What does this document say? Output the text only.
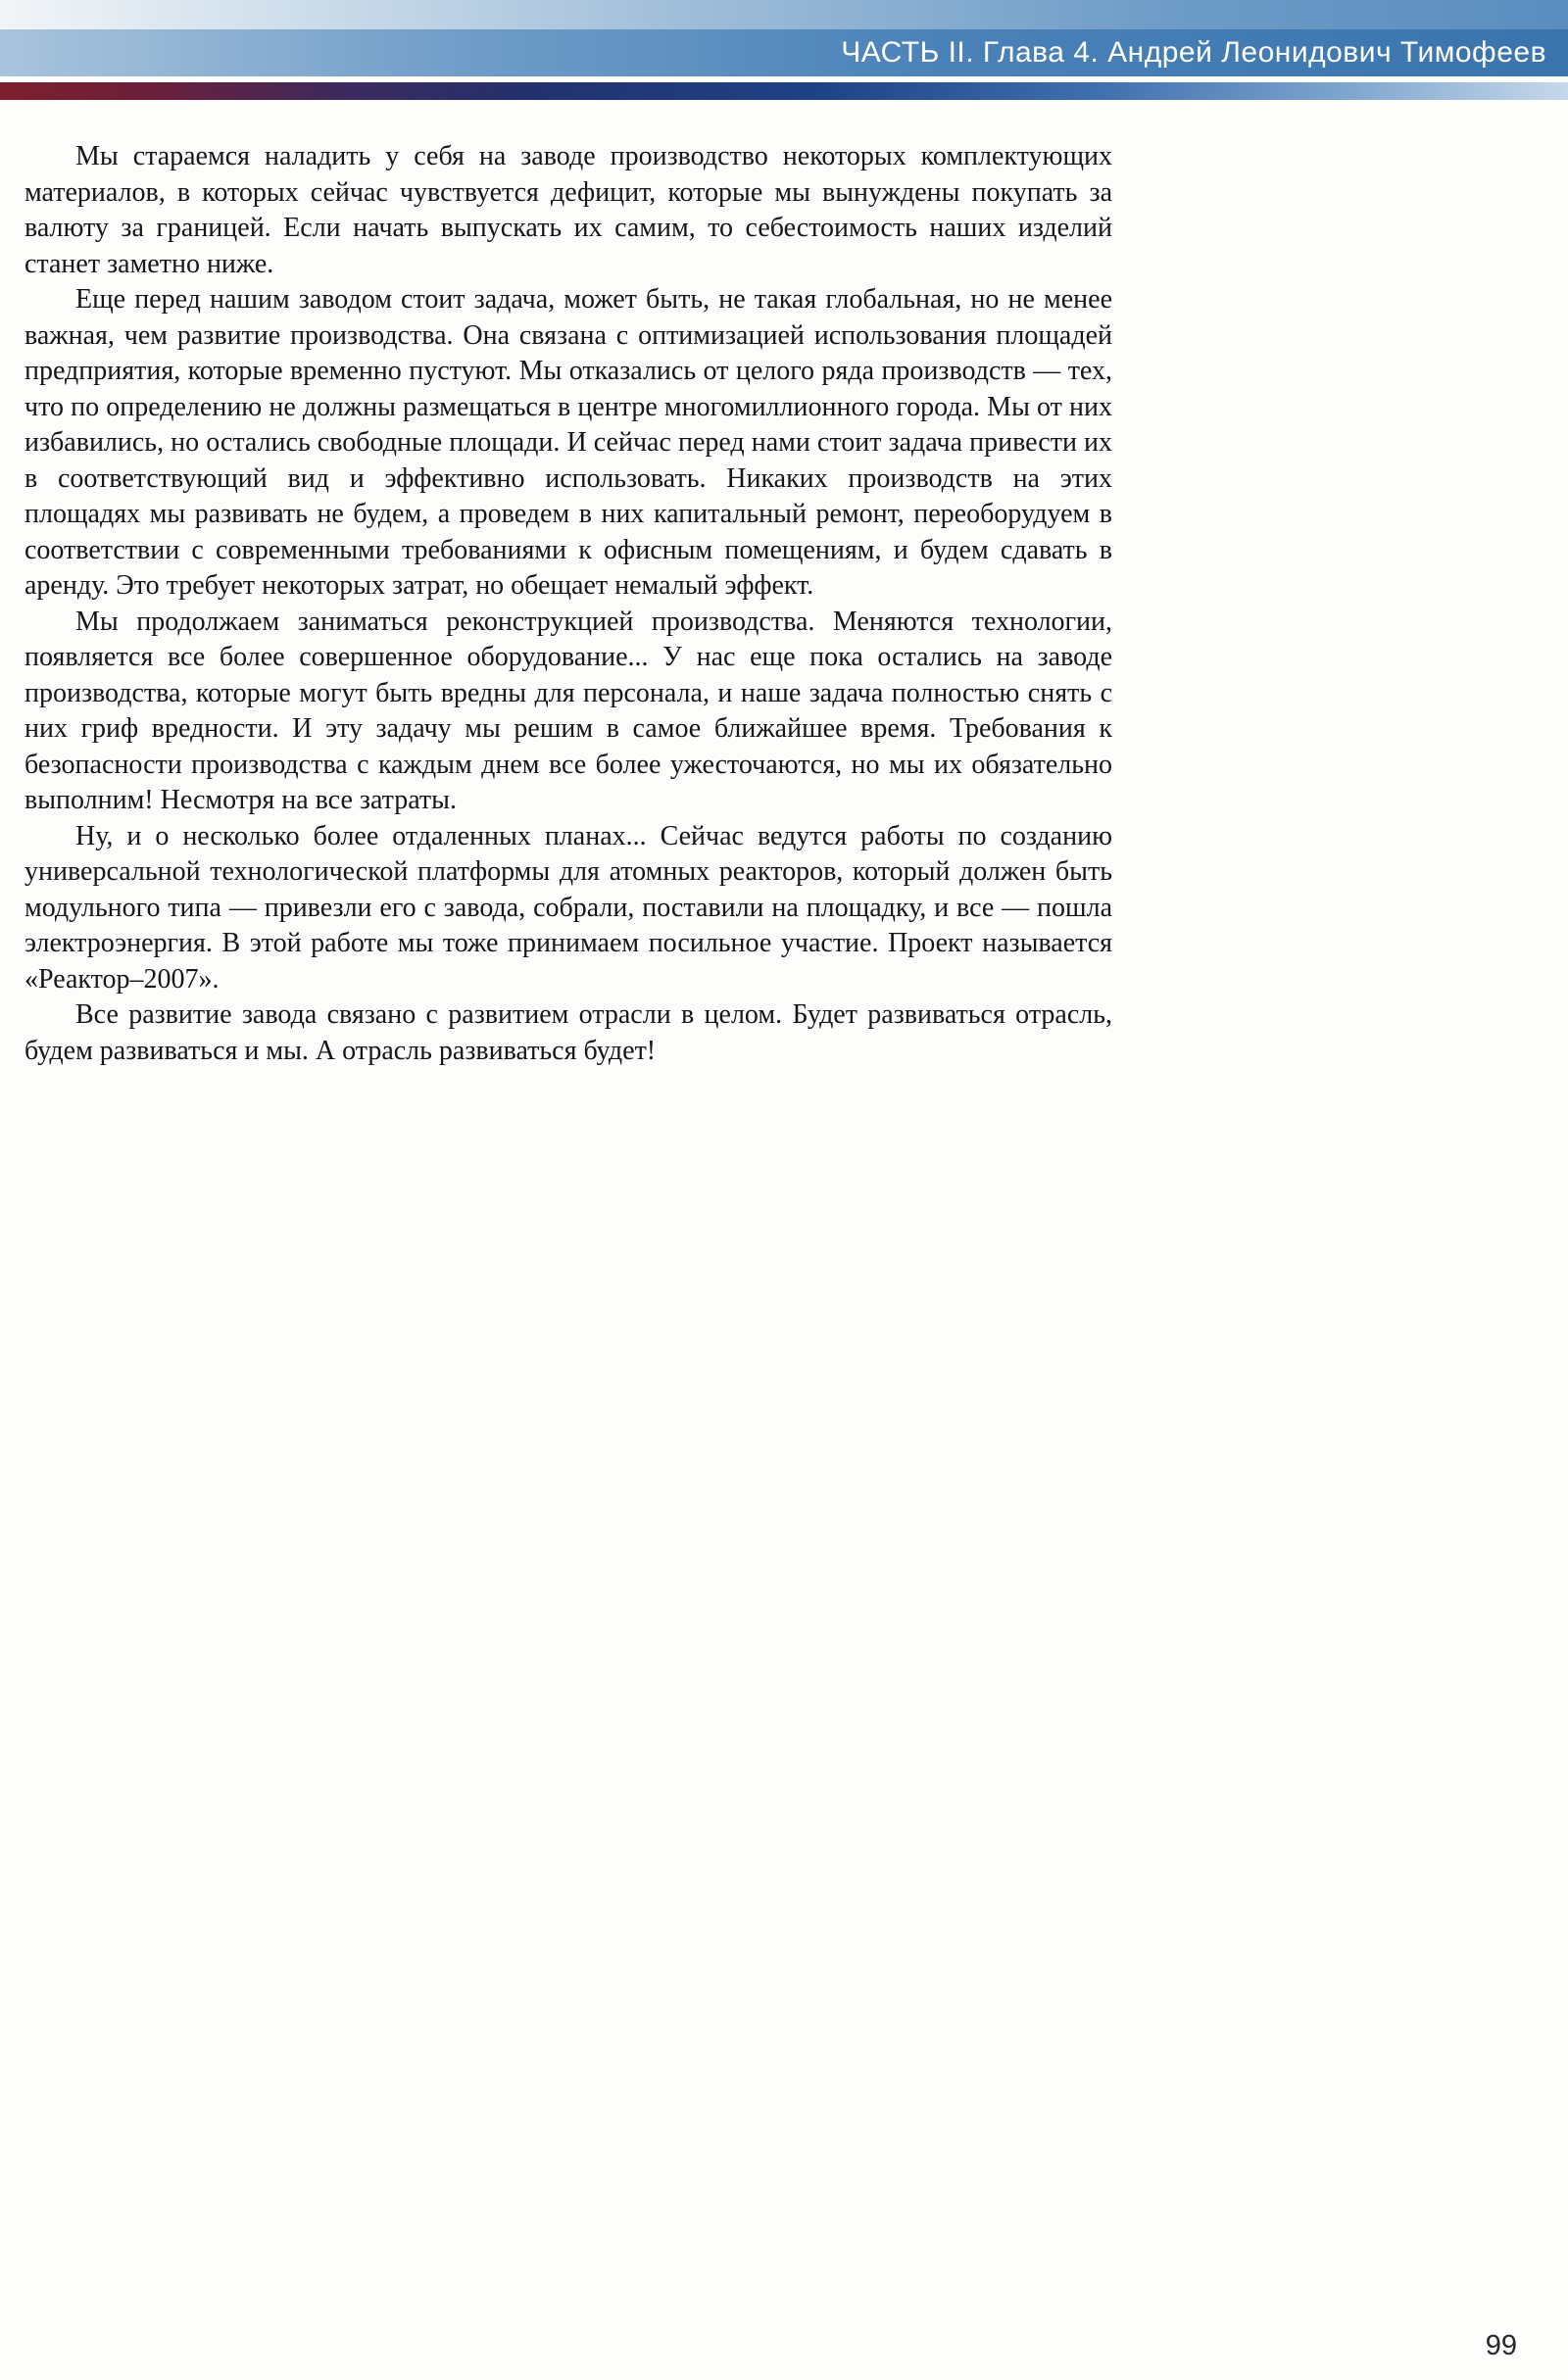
ЧАСТЬ II. Глава 4. Андрей Леонидович Тимофеев

Мы стараемся наладить у себя на заводе производство некоторых комплектующих материалов, в которых сейчас чувствуется дефицит, которые мы вынуждены покупать за валюту за границей. Если начать выпускать их самим, то себестоимость наших изделий станет заметно ниже.

Еще перед нашим заводом стоит задача, может быть, не такая глобальная, но не менее важная, чем развитие производства. Она связана с оптимизацией использования площадей предприятия, которые временно пустуют. Мы отказались от целого ряда производств — тех, что по определению не должны размещаться в центре многомиллионного города. Мы от них избавились, но остались свободные площади. И сейчас перед нами стоит задача привести их в соответствующий вид и эффективно использовать. Никаких производств на этих площадях мы развивать не будем, а проведем в них капитальный ремонт, переоборудуем в соответствии с современными требованиями к офисным помещениям, и будем сдавать в аренду. Это требует некоторых затрат, но обещает немалый эффект.

Мы продолжаем заниматься реконструкцией производства. Меняются технологии, появляется все более совершенное оборудование... У нас еще пока остались на заводе производства, которые могут быть вредны для персонала, и наше задача полностью снять с них гриф вредности. И эту задачу мы решим в самое ближайшее время. Требования к безопасности производства с каждым днем все более ужесточаются, но мы их обязательно выполним! Несмотря на все затраты.

Ну, и о несколько более отдаленных планах... Сейчас ведутся работы по созданию универсальной технологической платформы для атомных реакторов, который должен быть модульного типа — привезли его с завода, собрали, поставили на площадку, и все — пошла электроэнергия. В этой работе мы тоже принимаем посильное участие. Проект называется «Реактор–2007».

Все развитие завода связано с развитием отрасли в целом. Будет развиваться отрасль, будем развиваться и мы. А отрасль развиваться будет!

99
